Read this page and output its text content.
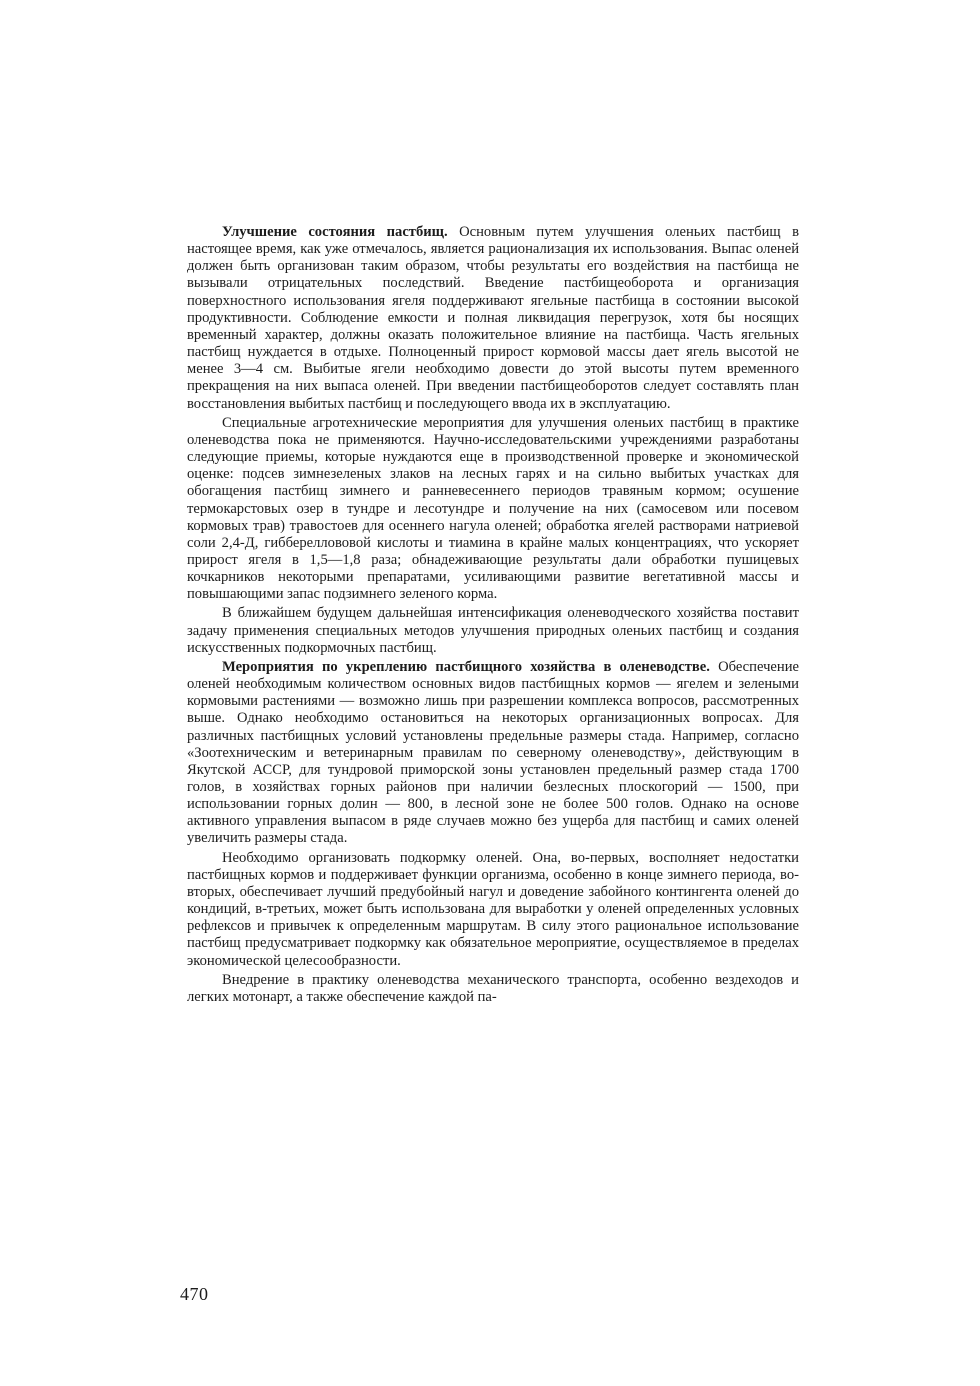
Улучшение состояния пастбищ. Основным путем улучшения оленьих пастбищ в настоящее время, как уже отмечалось, является рационализация их использования. Выпас оленей должен быть организован таким образом, чтобы результаты его воздействия на пастбища не вызывали отрицательных последствий. Введение пастбищеоборота и организация поверхностного использования ягеля поддерживают ягельные пастбища в состоянии высокой продуктивности. Соблюдение емкости и полная ликвидация перегрузок, хотя бы носящих временный характер, должны оказать положительное влияние на пастбища. Часть ягельных пастбищ нуждается в отдыхе. Полноценный прирост кормовой массы дает ягель высотой не менее 3—4 см. Выбитые ягели необходимо довести до этой высоты путем временного прекращения на них выпаса оленей. При введении пастбищеоборотов следует составлять план восстановления выбитых пастбищ и последующего ввода их в эксплуатацию.

Специальные агротехнические мероприятия для улучшения оленьих пастбищ в практике оленеводства пока не применяются. Научно-исследовательскими учреждениями разработаны следующие приемы, которые нуждаются еще в производственной проверке и экономической оценке: подсев зимнезеленых злаков на лесных гарях и на сильно выбитых участках для обогащения пастбищ зимнего и ранневесеннего периодов травяным кормом; осушение термокарстовых озер в тундре и лесотундре и получение на них (самосевом или посевом кормовых трав) травостоев для осеннего нагула оленей; обработка ягелей растворами натриевой соли 2,4-Д, гиббереллововой кислоты и тиамина в крайне малых концентрациях, что ускоряет прирост ягеля в 1,5—1,8 раза; обнадеживающие результаты дали обработки пушицевых кочкарников некоторыми препаратами, усиливающими развитие вегетативной массы и повышающими запас подзимнего зеленого корма.

В ближайшем будущем дальнейшая интенсификация оленеводческого хозяйства поставит задачу применения специальных методов улучшения природных оленьих пастбищ и создания искусственных подкормочных пастбищ.

Мероприятия по укреплению пастбищного хозяйства в оленеводстве. Обеспечение оленей необходимым количеством основных видов пастбищных кормов — ягелем и зелеными кормовыми растениями — возможно лишь при разрешении комплекса вопросов, рассмотренных выше. Однако необходимо остановиться на некоторых организационных вопросах. Для различных пастбищных условий установлены предельные размеры стада. Например, согласно «Зоотехническим и ветеринарным правилам по северному оленеводству», действующим в Якутской АССР, для тундровой приморской зоны установлен предельный размер стада 1700 голов, в хозяйствах горных районов при наличии безлесных плоскогорий — 1500, при использовании горных долин — 800, в лесной зоне не более 500 голов. Однако на основе активного управления выпасом в ряде случаев можно без ущерба для пастбищ и самих оленей увеличить размеры стада.

Необходимо организовать подкормку оленей. Она, во-первых, восполняет недостатки пастбищных кормов и поддерживает функции организма, особенно в конце зимнего периода, во-вторых, обеспечивает лучший предубойный нагул и доведение забойного контингента оленей до кондиций, в-третьих, может быть использована для выработки у оленей определенных условных рефлексов и привычек к определенным маршрутам. В силу этого рациональное использование пастбищ предусматривает подкормку как обязательное мероприятие, осуществляемое в пределах экономической целесообразности.

Внедрение в практику оленеводства механического транспорта, особенно вездеходов и легких мотонарт, а также обеспечение каждой па-

470
